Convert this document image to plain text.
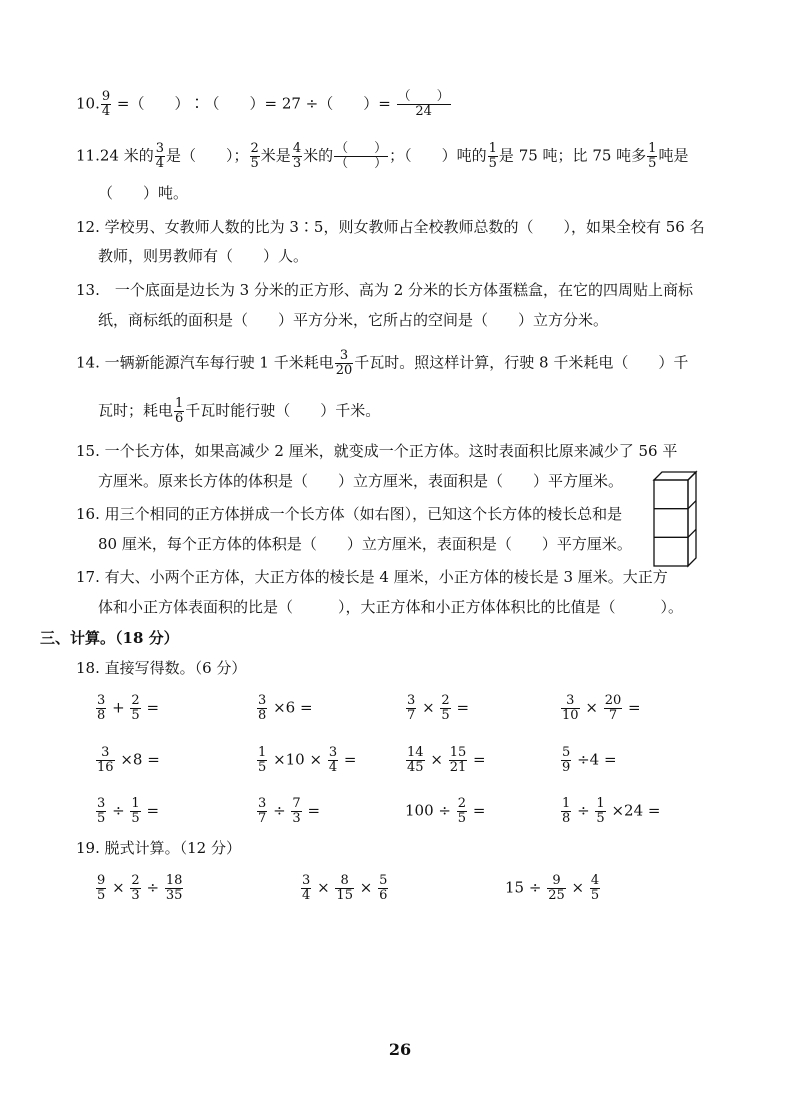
10. $\frac{9}{4}$ =（　　）∶（　　）= 27 ÷（　　）= $\frac{( )}{24}$
11.24 米的 $\frac{3}{4}$ 是（　　）； $\frac{2}{5}$ 米是 $\frac{4}{3}$ 米的 $\frac{( )}{( )}$ ；（　　）吨的 $\frac{1}{5}$ 是 75 吨；比 75 吨多 $\frac{1}{5}$ 吨是
（　　）吨。
12. 学校男、女教师人数的比为 3∶5，则女教师占全校教师总数的（　　），如果全校有 56 名
教师，则男教师有（　　）人。
13.　一个底面是边长为 3 分米的正方形、高为 2 分米的长方体蛋糕盒，在它的四周贴上商标
纸，商标纸的面积是（　　）平方分米，它所占的空间是（　　）立方分米。
14. 一辆新能源汽车每行驶 1 千米耗电 $\frac{3}{20}$ 千瓦时。照这样计算，行驶 8 千米耗电（　　）千
瓦时；耗电 $\frac{1}{6}$ 千瓦时能行驶（　　）千米。
15. 一个长方体，如果高减少 2 厘米，就变成一个正方体。这时表面积比原来减少了 56 平
方厘米。原来长方体的体积是（　　）立方厘米，表面积是（　　）平方厘米。
16. 用三个相同的正方体拼成一个长方体（如右图），已知这个长方体的棱长总和是
80 厘米，每个正方体的体积是（　　）立方厘米，表面积是（　　）平方厘米。
17. 有大、小两个正方体，大正方体的棱长是 4 厘米，小正方体的棱长是 3 厘米。大正方
体和小正方体表面积的比是（　　　），大正方体和小正方体体积比的比值是（　　　）。
三、计算。（18 分）
18. 直接写得数。（6 分）
$\frac{3}{8} + \frac{2}{5}$ =	$\frac{3}{8} \times 6$ =	$\frac{3}{7} \times \frac{2}{5}$ =	$\frac{3}{10} \times \frac{20}{7}$ =
$\frac{3}{16} \times 8$ =	$\frac{1}{5} \times 10 \times \frac{3}{4}$ =	$\frac{14}{45} \times \frac{15}{21}$ =	$\frac{5}{9} \div 4$ =
$\frac{3}{5} \div \frac{1}{5}$ =	$\frac{3}{7} \div \frac{7}{3}$ =	$100 \div \frac{2}{5}$ =	$\frac{1}{8} \div \frac{1}{5} \times 24$ =
19. 脱式计算。（12 分）
$\frac{9}{5} \times \frac{2}{3} \div \frac{18}{35}$	$\frac{3}{4} \times \frac{8}{15} \times \frac{5}{6}$	$15 \div \frac{9}{25} \times \frac{4}{5}$
26
